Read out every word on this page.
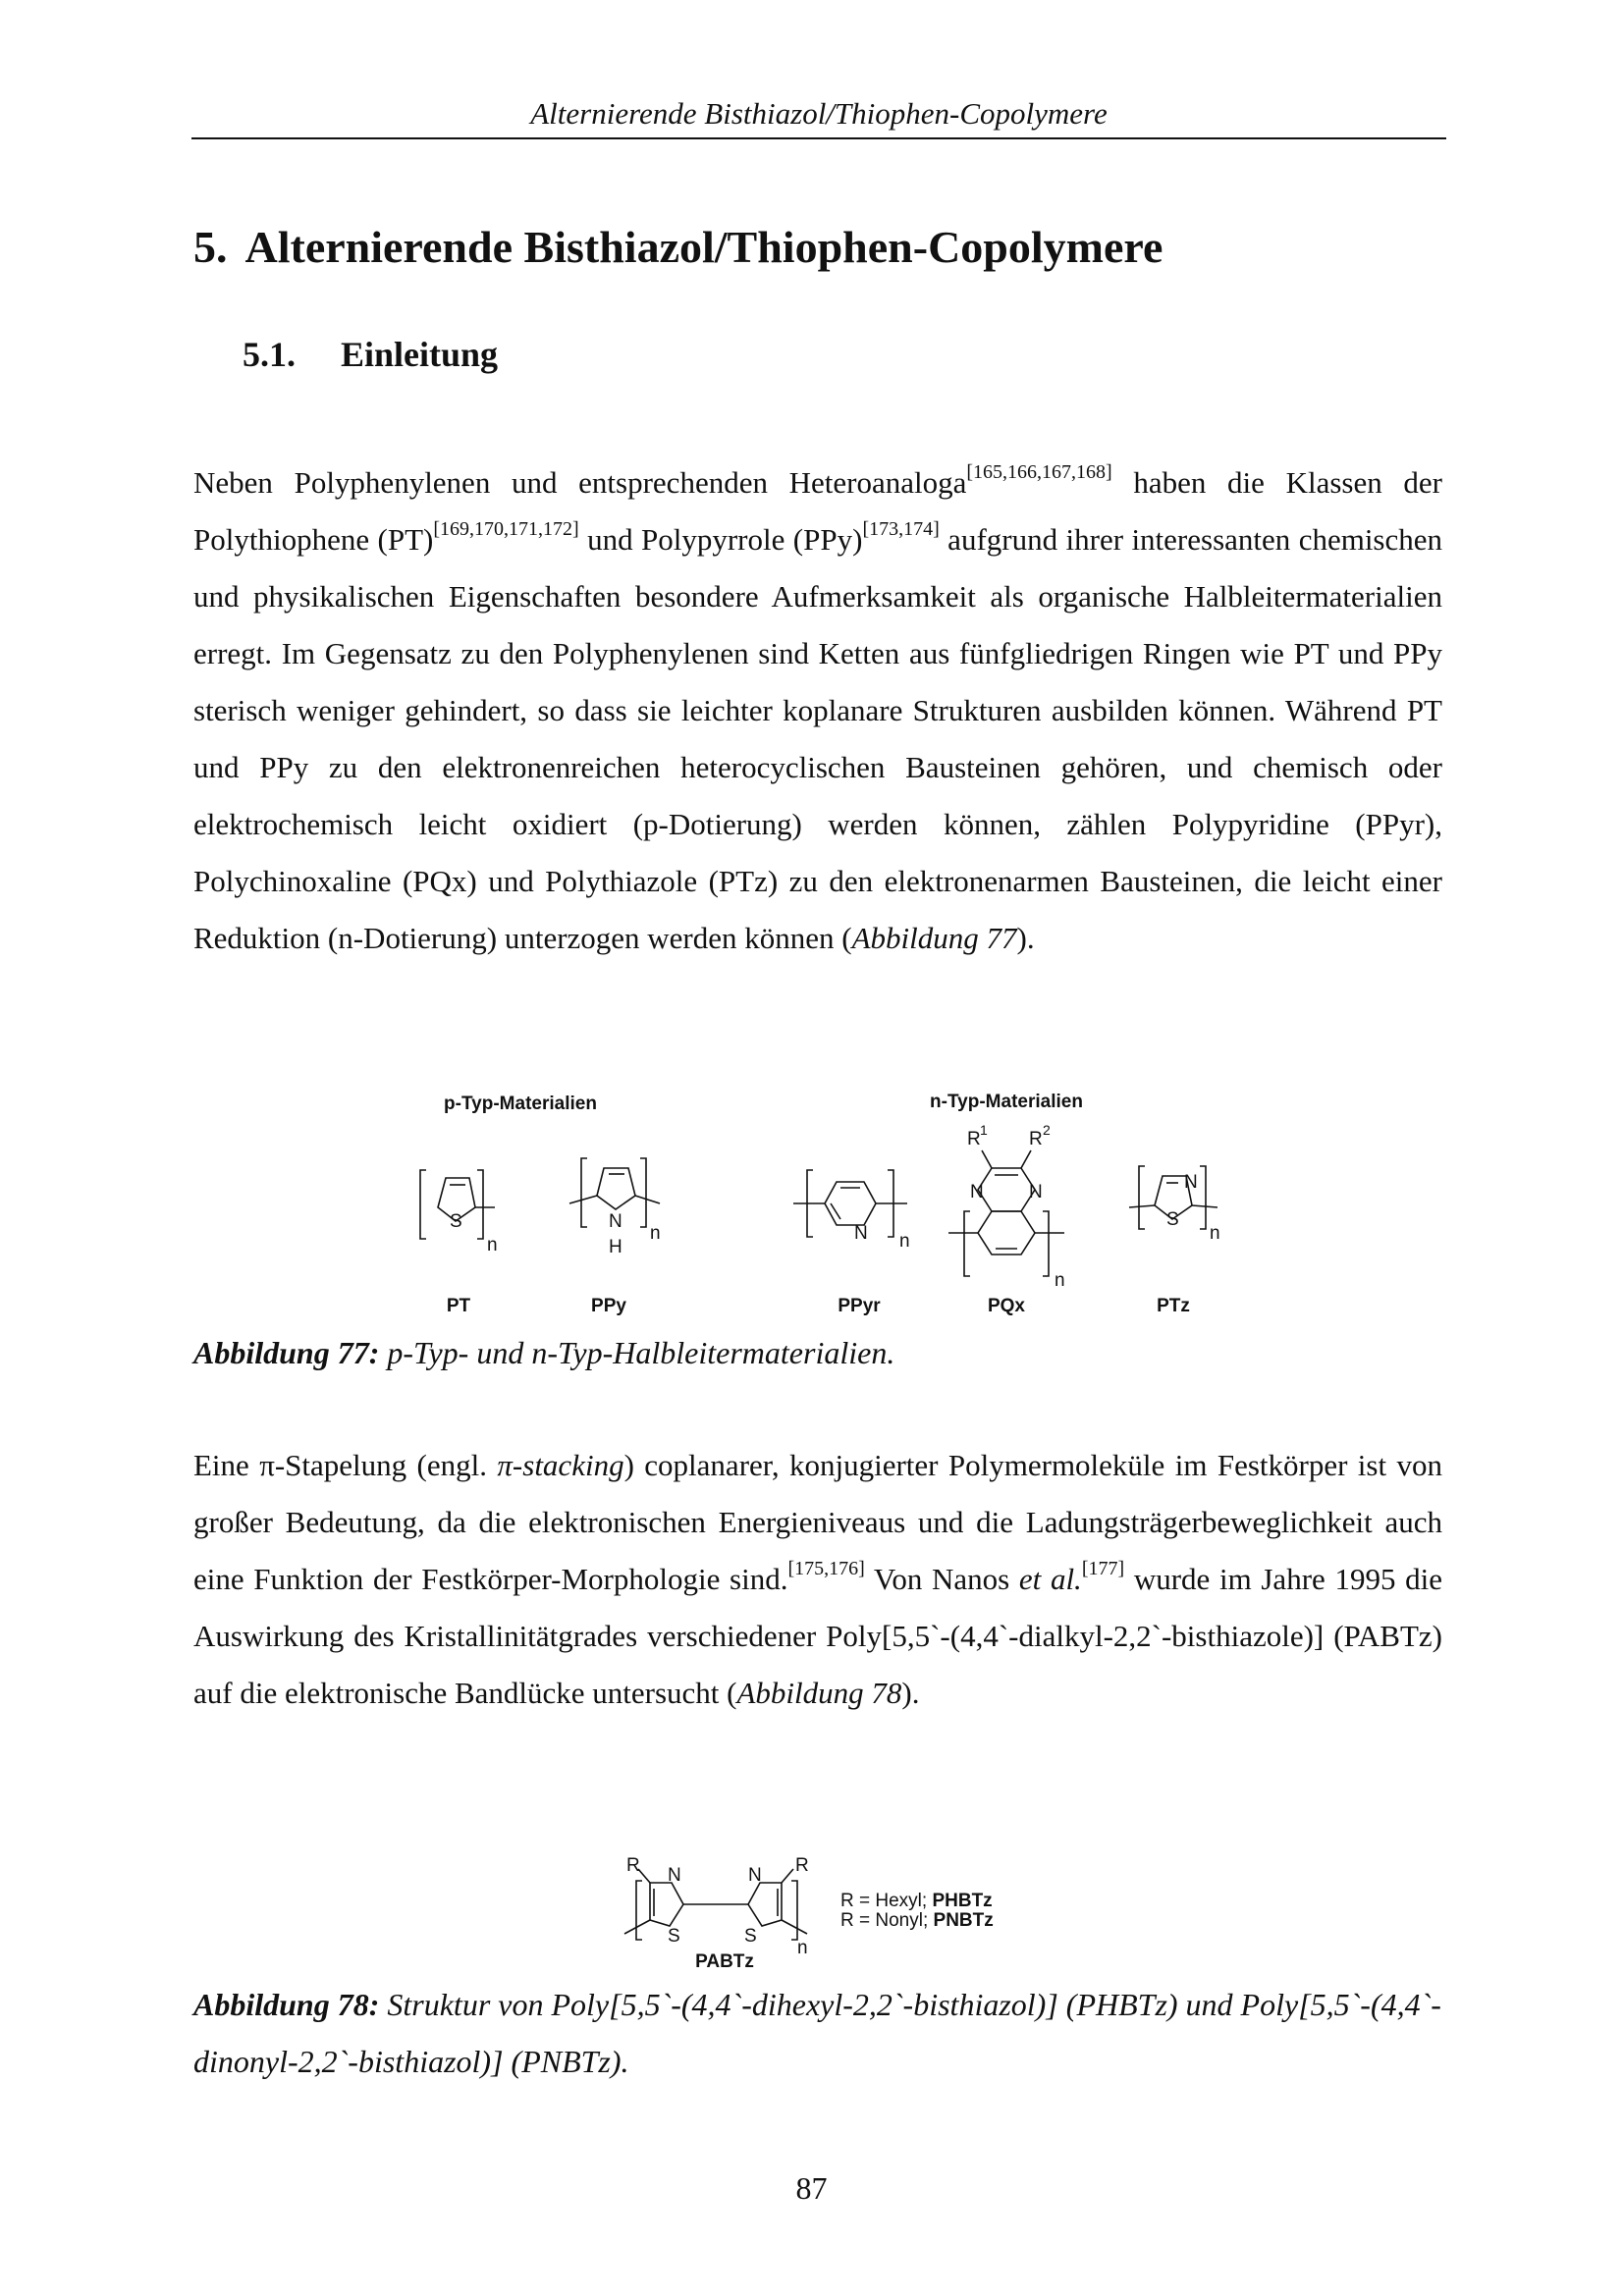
Alternierende Bisthiazol/Thiophen-Copolymere
5. Alternierende Bisthiazol/Thiophen-Copolymere
5.1. Einleitung

Neben Polyphenylenen und entsprechenden Heteroanaloga[165,166,167,168] haben die Klassen der Polythiophene (PT)[169,170,171,172] und Polypyrrole (PPy)[173,174] aufgrund ihrer interessanten chemischen und physikalischen Eigenschaften besondere Aufmerksamkeit als organische Halbleitermaterialien erregt. Im Gegensatz zu den Polyphenylenen sind Ketten aus fünfgliedrigen Ringen wie PT und PPy sterisch weniger gehindert, so dass sie leichter koplanare Strukturen ausbilden können. Während PT und PPy zu den elektronenreichen heterocyclischen Bausteinen gehören, und chemisch oder elektrochemisch leicht oxidiert (p-Dotierung) werden können, zählen Polypyridine (PPyr), Polychinoxaline (PQx) und Polythiazole (PTz) zu den elektronenarmen Bausteinen, die leicht einer Reduktion (n-Dotierung) unterzogen werden können (Abbildung 77).

p-Typ-Materialien	n-Typ-Materialien
S
n
N
H
n	N n
R 1 R 2
N N
n
N
S
n
PT	PPy	PPyr	PQx	PTz

Abbildung 77: p-Typ- und n-Typ-Halbleitermaterialien.

Eine π-Stapelung (engl. π-stacking) coplanarer, konjugierter Polymermoleküle im Festkörper ist von großer Bedeutung, da die elektronischen Energieniveaus und die Ladungsträgerbeweglichkeit auch eine Funktion der Festkörper-Morphologie sind.[175,176] Von Nanos et al.[177] wurde im Jahre 1995 die Auswirkung des Kristallinitätgrades verschiedener Poly[5,5`-(4,4`-dialkyl-2,2`-bisthiazole)] (PABTz) auf die elektronische Bandlücke untersucht (Abbildung 78).

R	R
N	N
S	S
n
R = Hexyl; PHBTz
R = Nonyl; PNBTz
PABTz

Abbildung 78: Struktur von Poly[5,5`-(4,4`-dihexyl-2,2`-bisthiazol)] (PHBTz) und Poly[5,5`-(4,4`-dinonyl-2,2`-bisthiazol)] (PNBTz).

87
